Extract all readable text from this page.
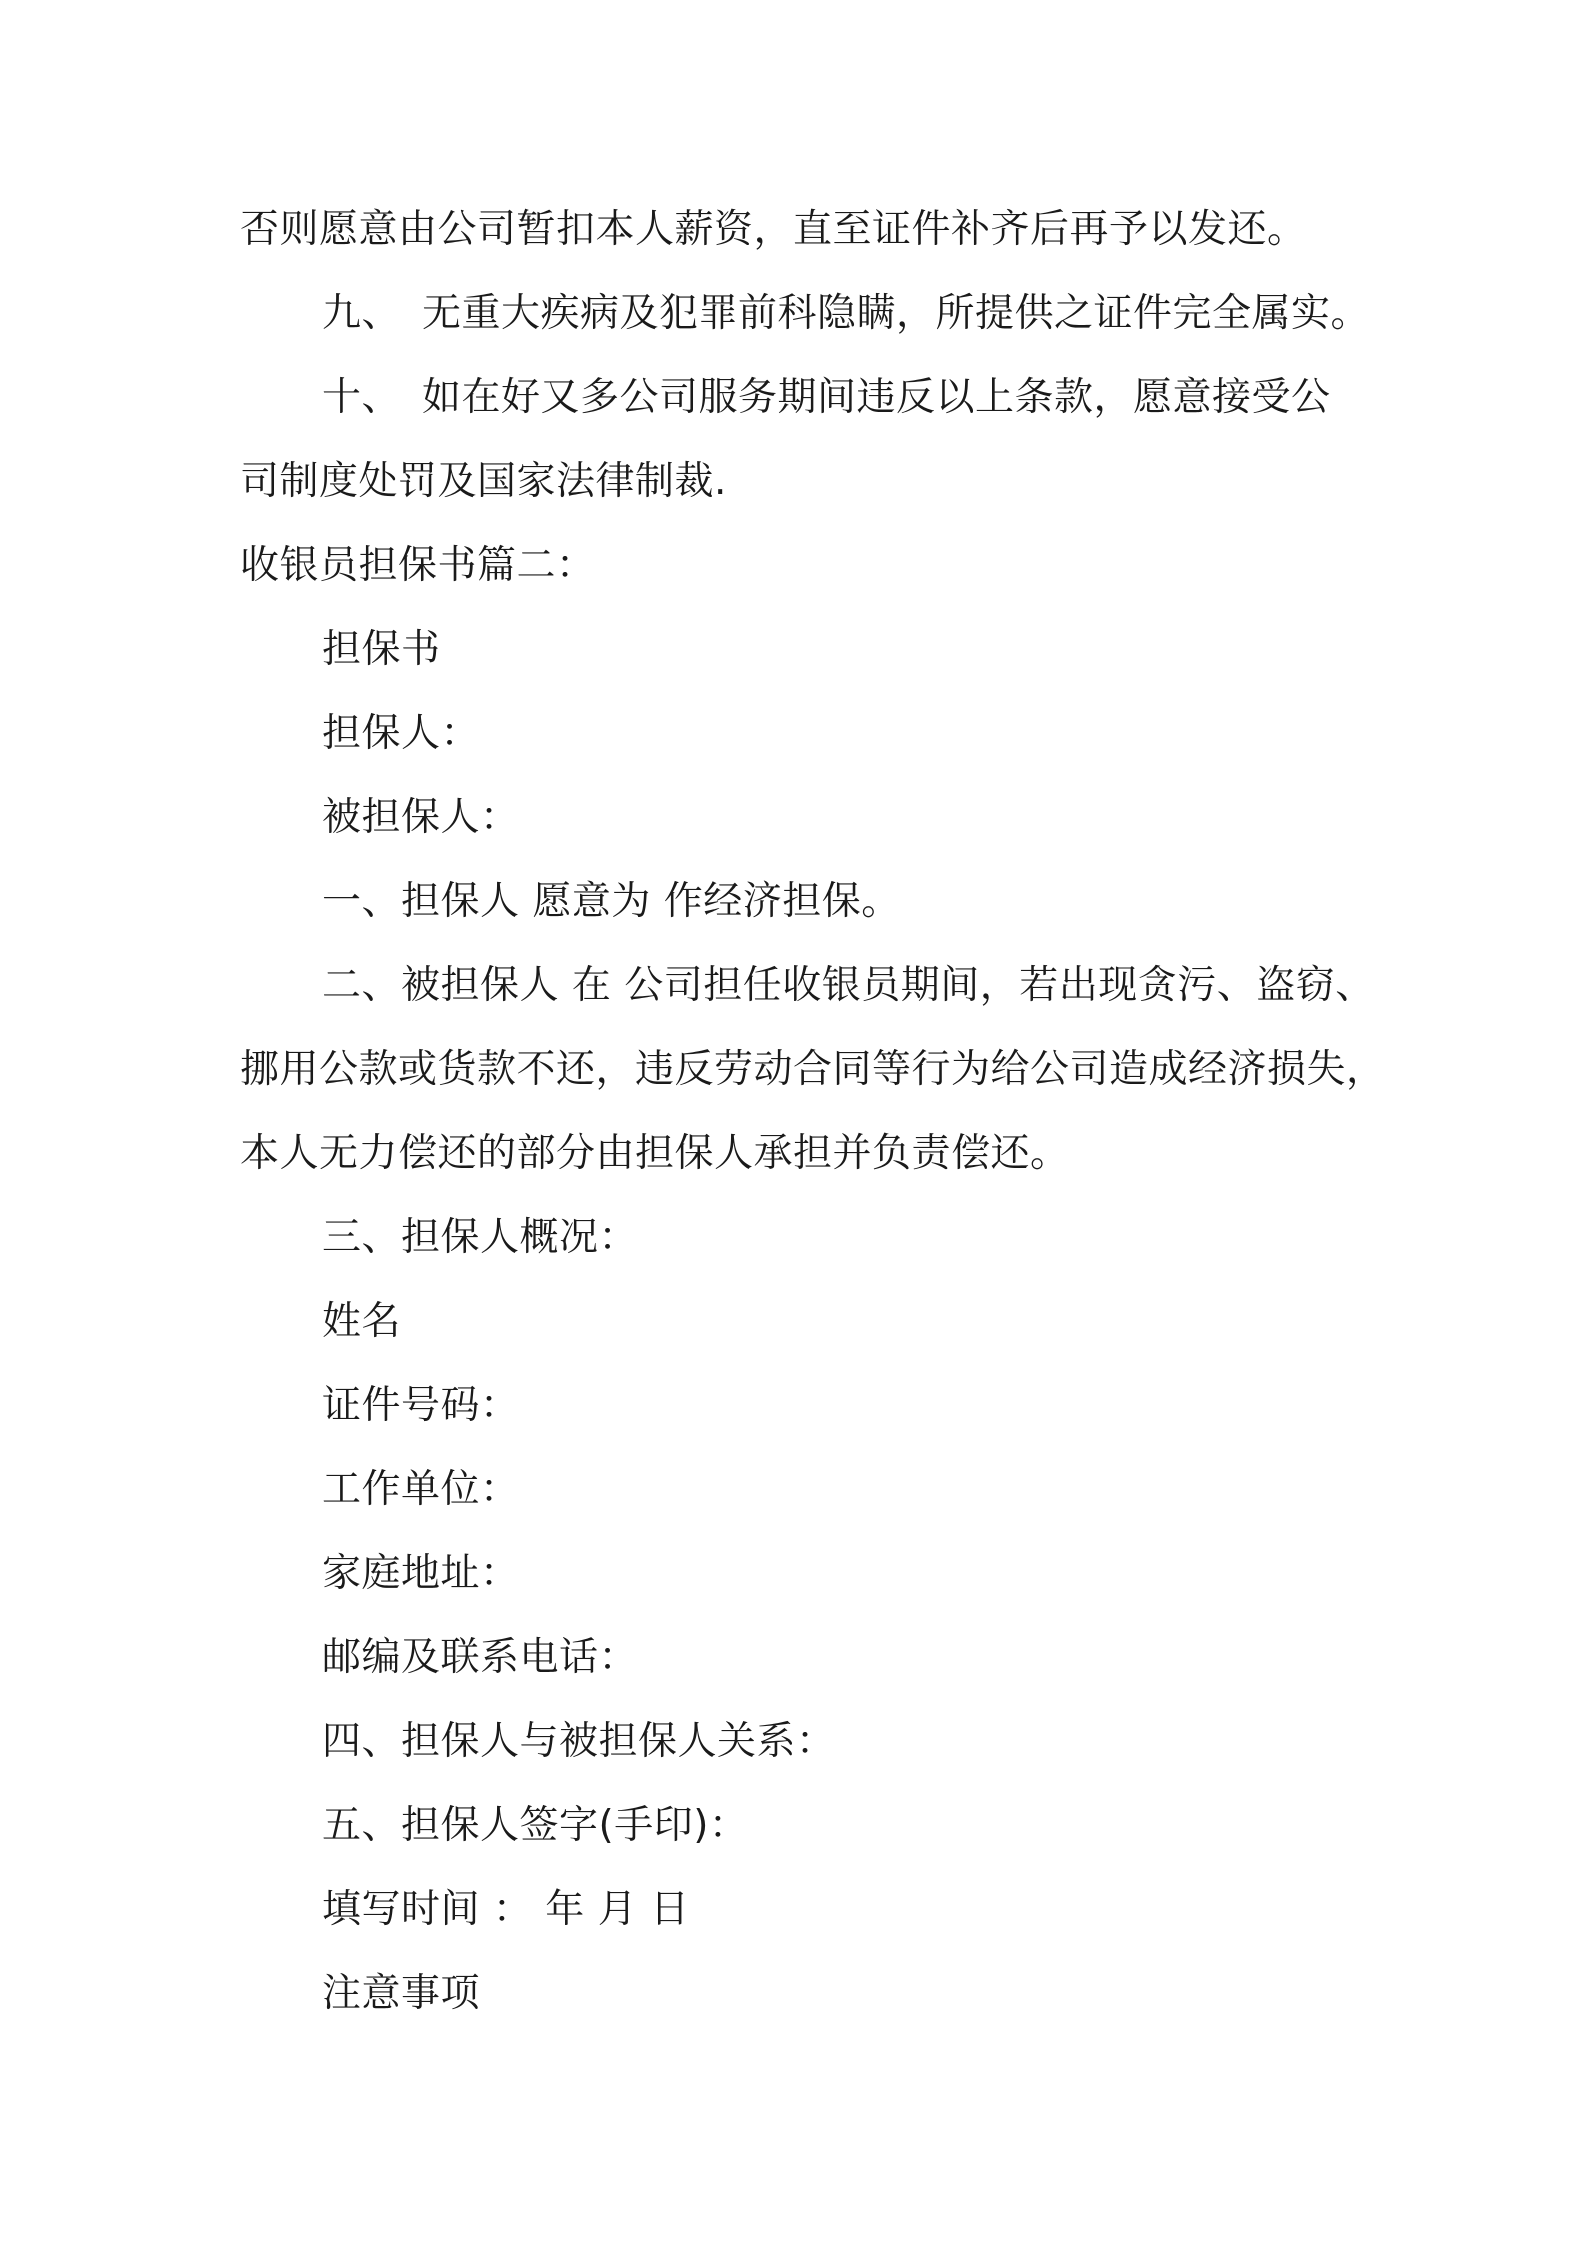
否则愿意由公司暂扣本人薪资，直至证件补齐后再予以发还。
九、 无重大疾病及犯罪前科隐瞒，所提供之证件完全属实。
十、 如在好又多公司服务期间违反以上条款，愿意接受公
司制度处罚及国家法律制裁.
收银员担保书篇二：
担保书
担保人：
被担保人：
一、担保人 愿意为 作经济担保。
二、被担保人 在 公司担任收银员期间，若出现贪污、盗窃、
挪用公款或货款不还，违反劳动合同等行为给公司造成经济损失，
本人无力偿还的部分由担保人承担并负责偿还。
三、担保人概况：
姓名
证件号码：
工作单位：
家庭地址：
邮编及联系电话：
四、担保人与被担保人关系：
五、担保人签字(手印)：
填写时间 ： 年 月 日
注意事项
